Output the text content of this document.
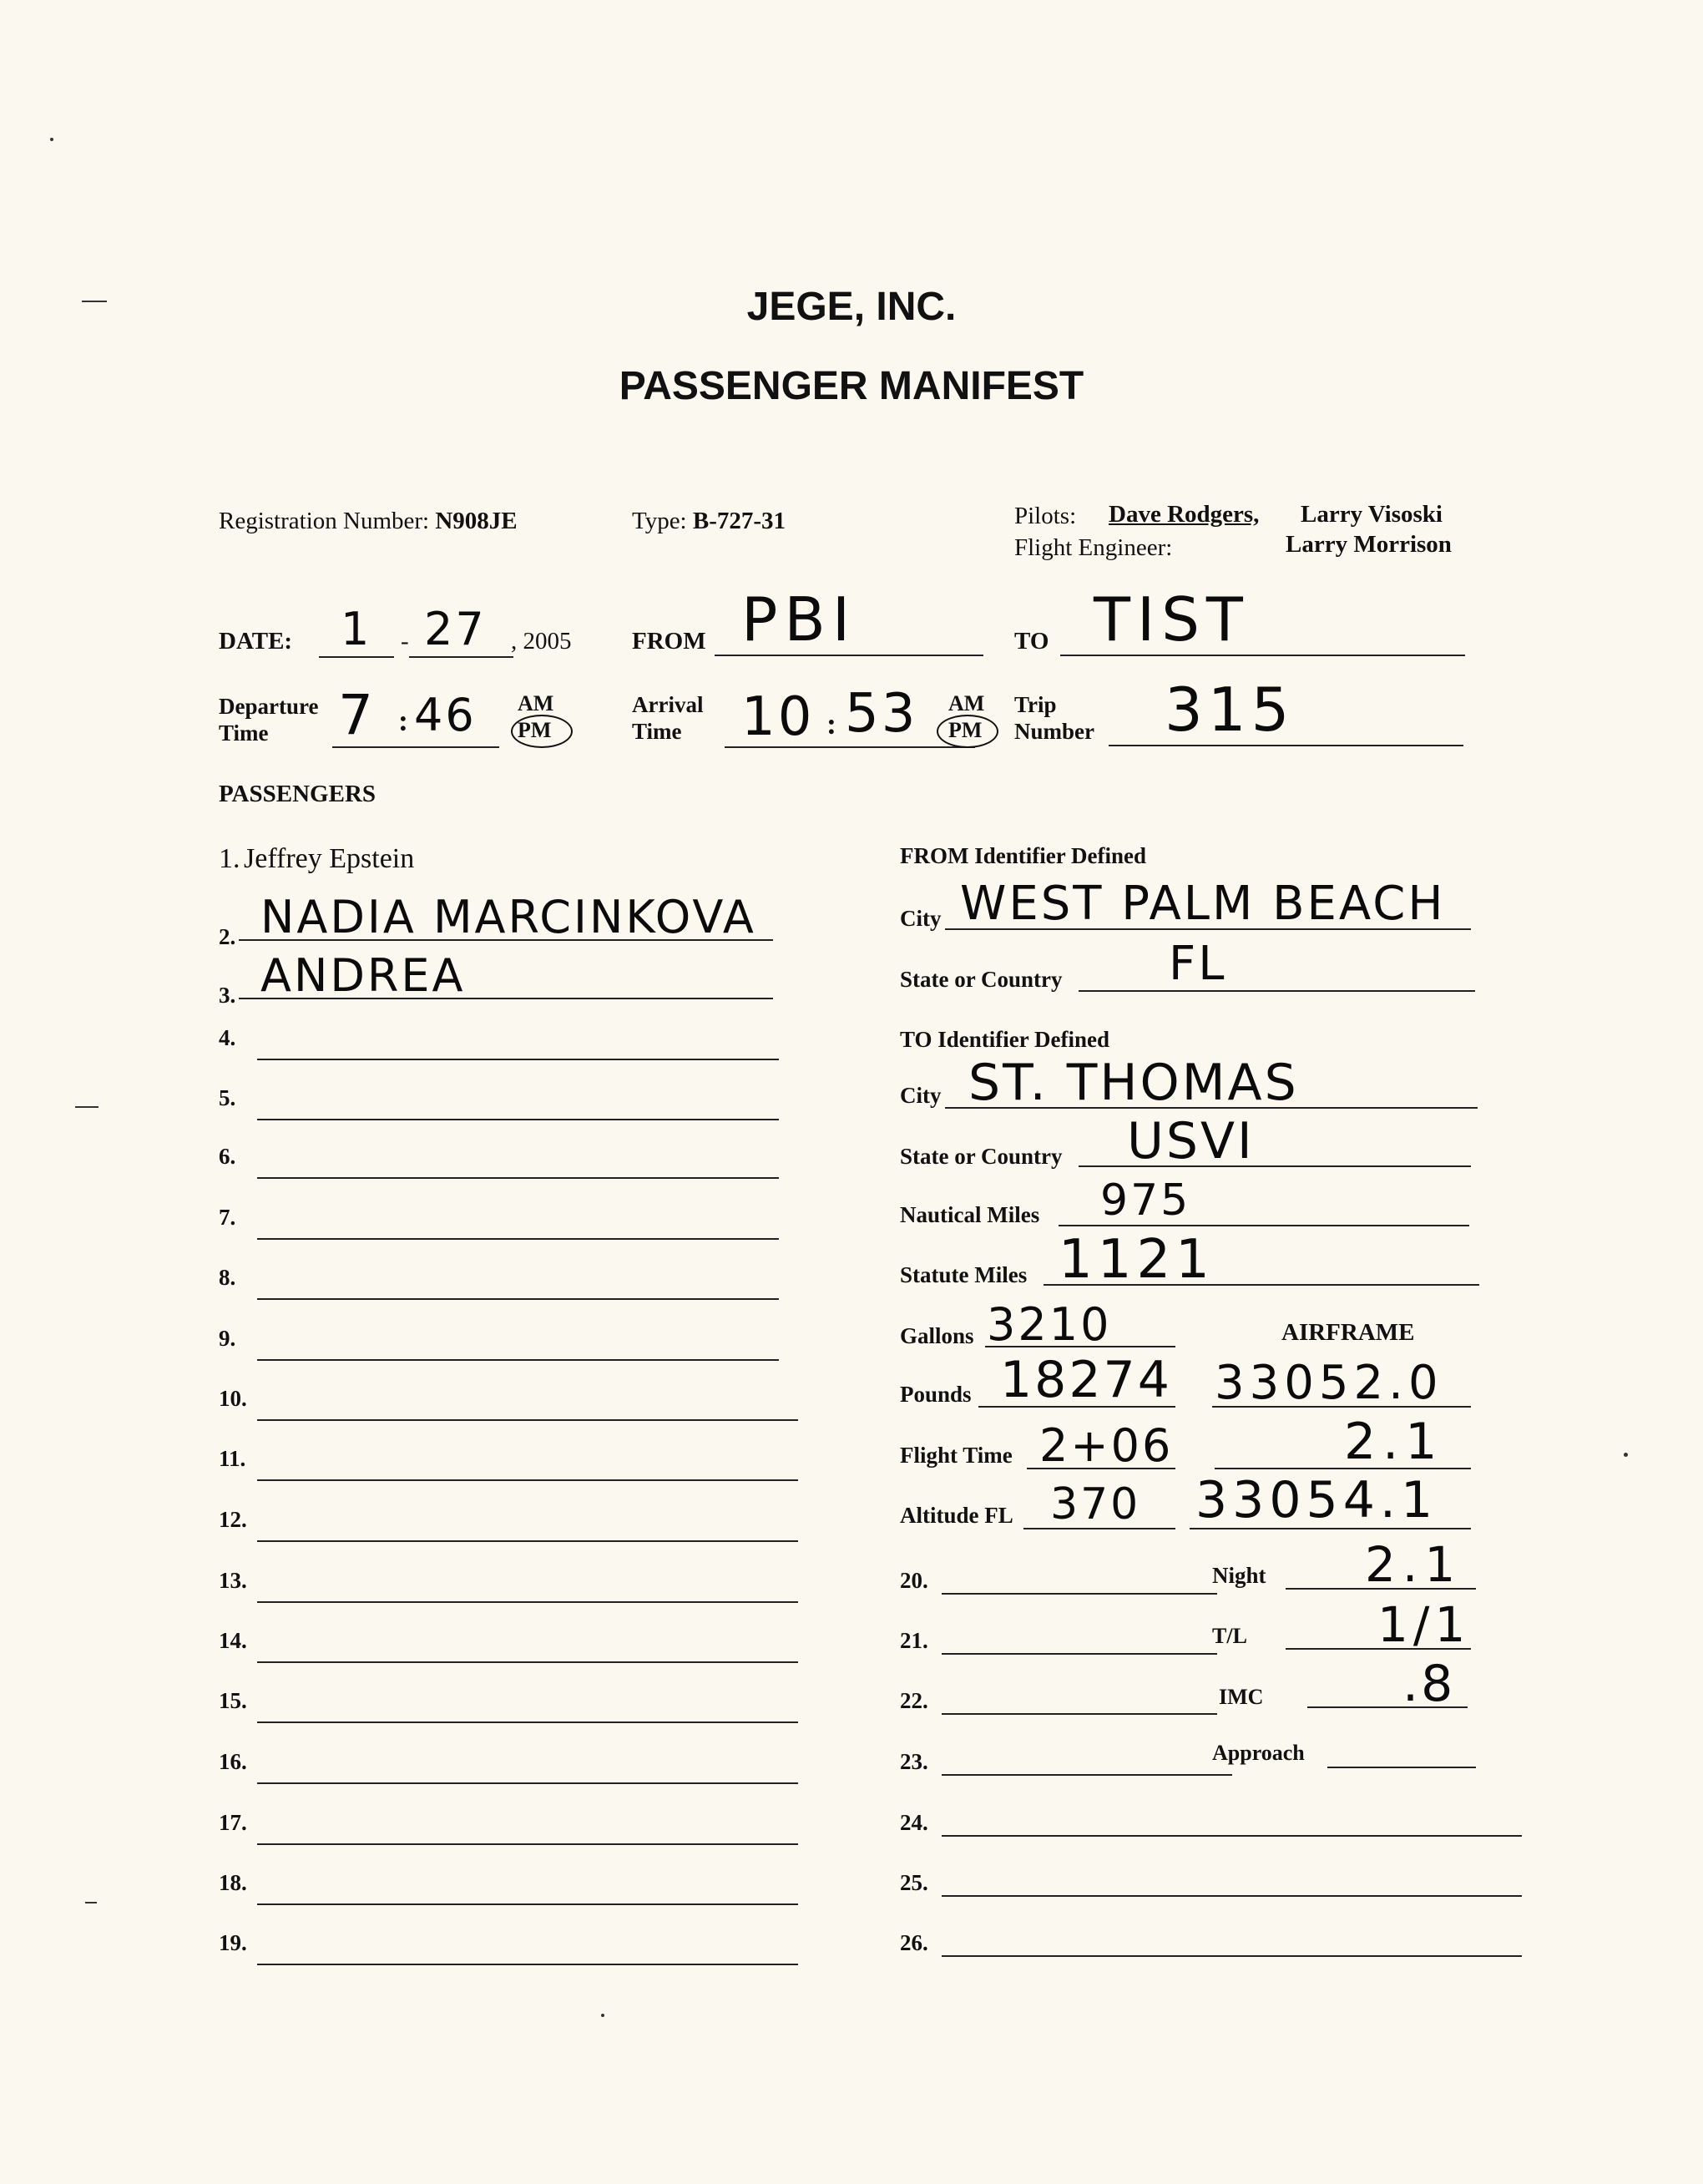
JEGE, INC.
PASSENGER MANIFEST
Registration Number: N908JE	Type: B-727-31	Pilots: Dave Rodgers, Larry Visoski
Flight Engineer:	Larry Morrison
DATE: 1 - 27 , 2005	FROM PBI	TO TIST
Departure
Time	7 : 46 AM
PM
Arrival
Time	10 : 53 AM
PM
Trip
Number 315
PASSENGERS
1. Jeffrey Epstein
2. NADIA MARCINKOVA
3. ANDREA
4.
5.
6.
7.
8.
9.
10.
11.
12.
13.
14.
15.
16.
17.
18.
19.
FROM Identifier Defined
City WEST PALM BEACH
State or Country FL
TO Identifier Defined
City ST. THOMAS
State or Country USVI
Nautical Miles 975
Statute Miles 1121
Gallons 3210	AIRFRAME
Pounds 18274 33052.0
Flight Time 2+06	2.1
Altitude FL 370 33054.1
20.
21.
22.
23.
24.
25.
26.
Night 2.1
T/L	1/1
IMC	.8
Approach
